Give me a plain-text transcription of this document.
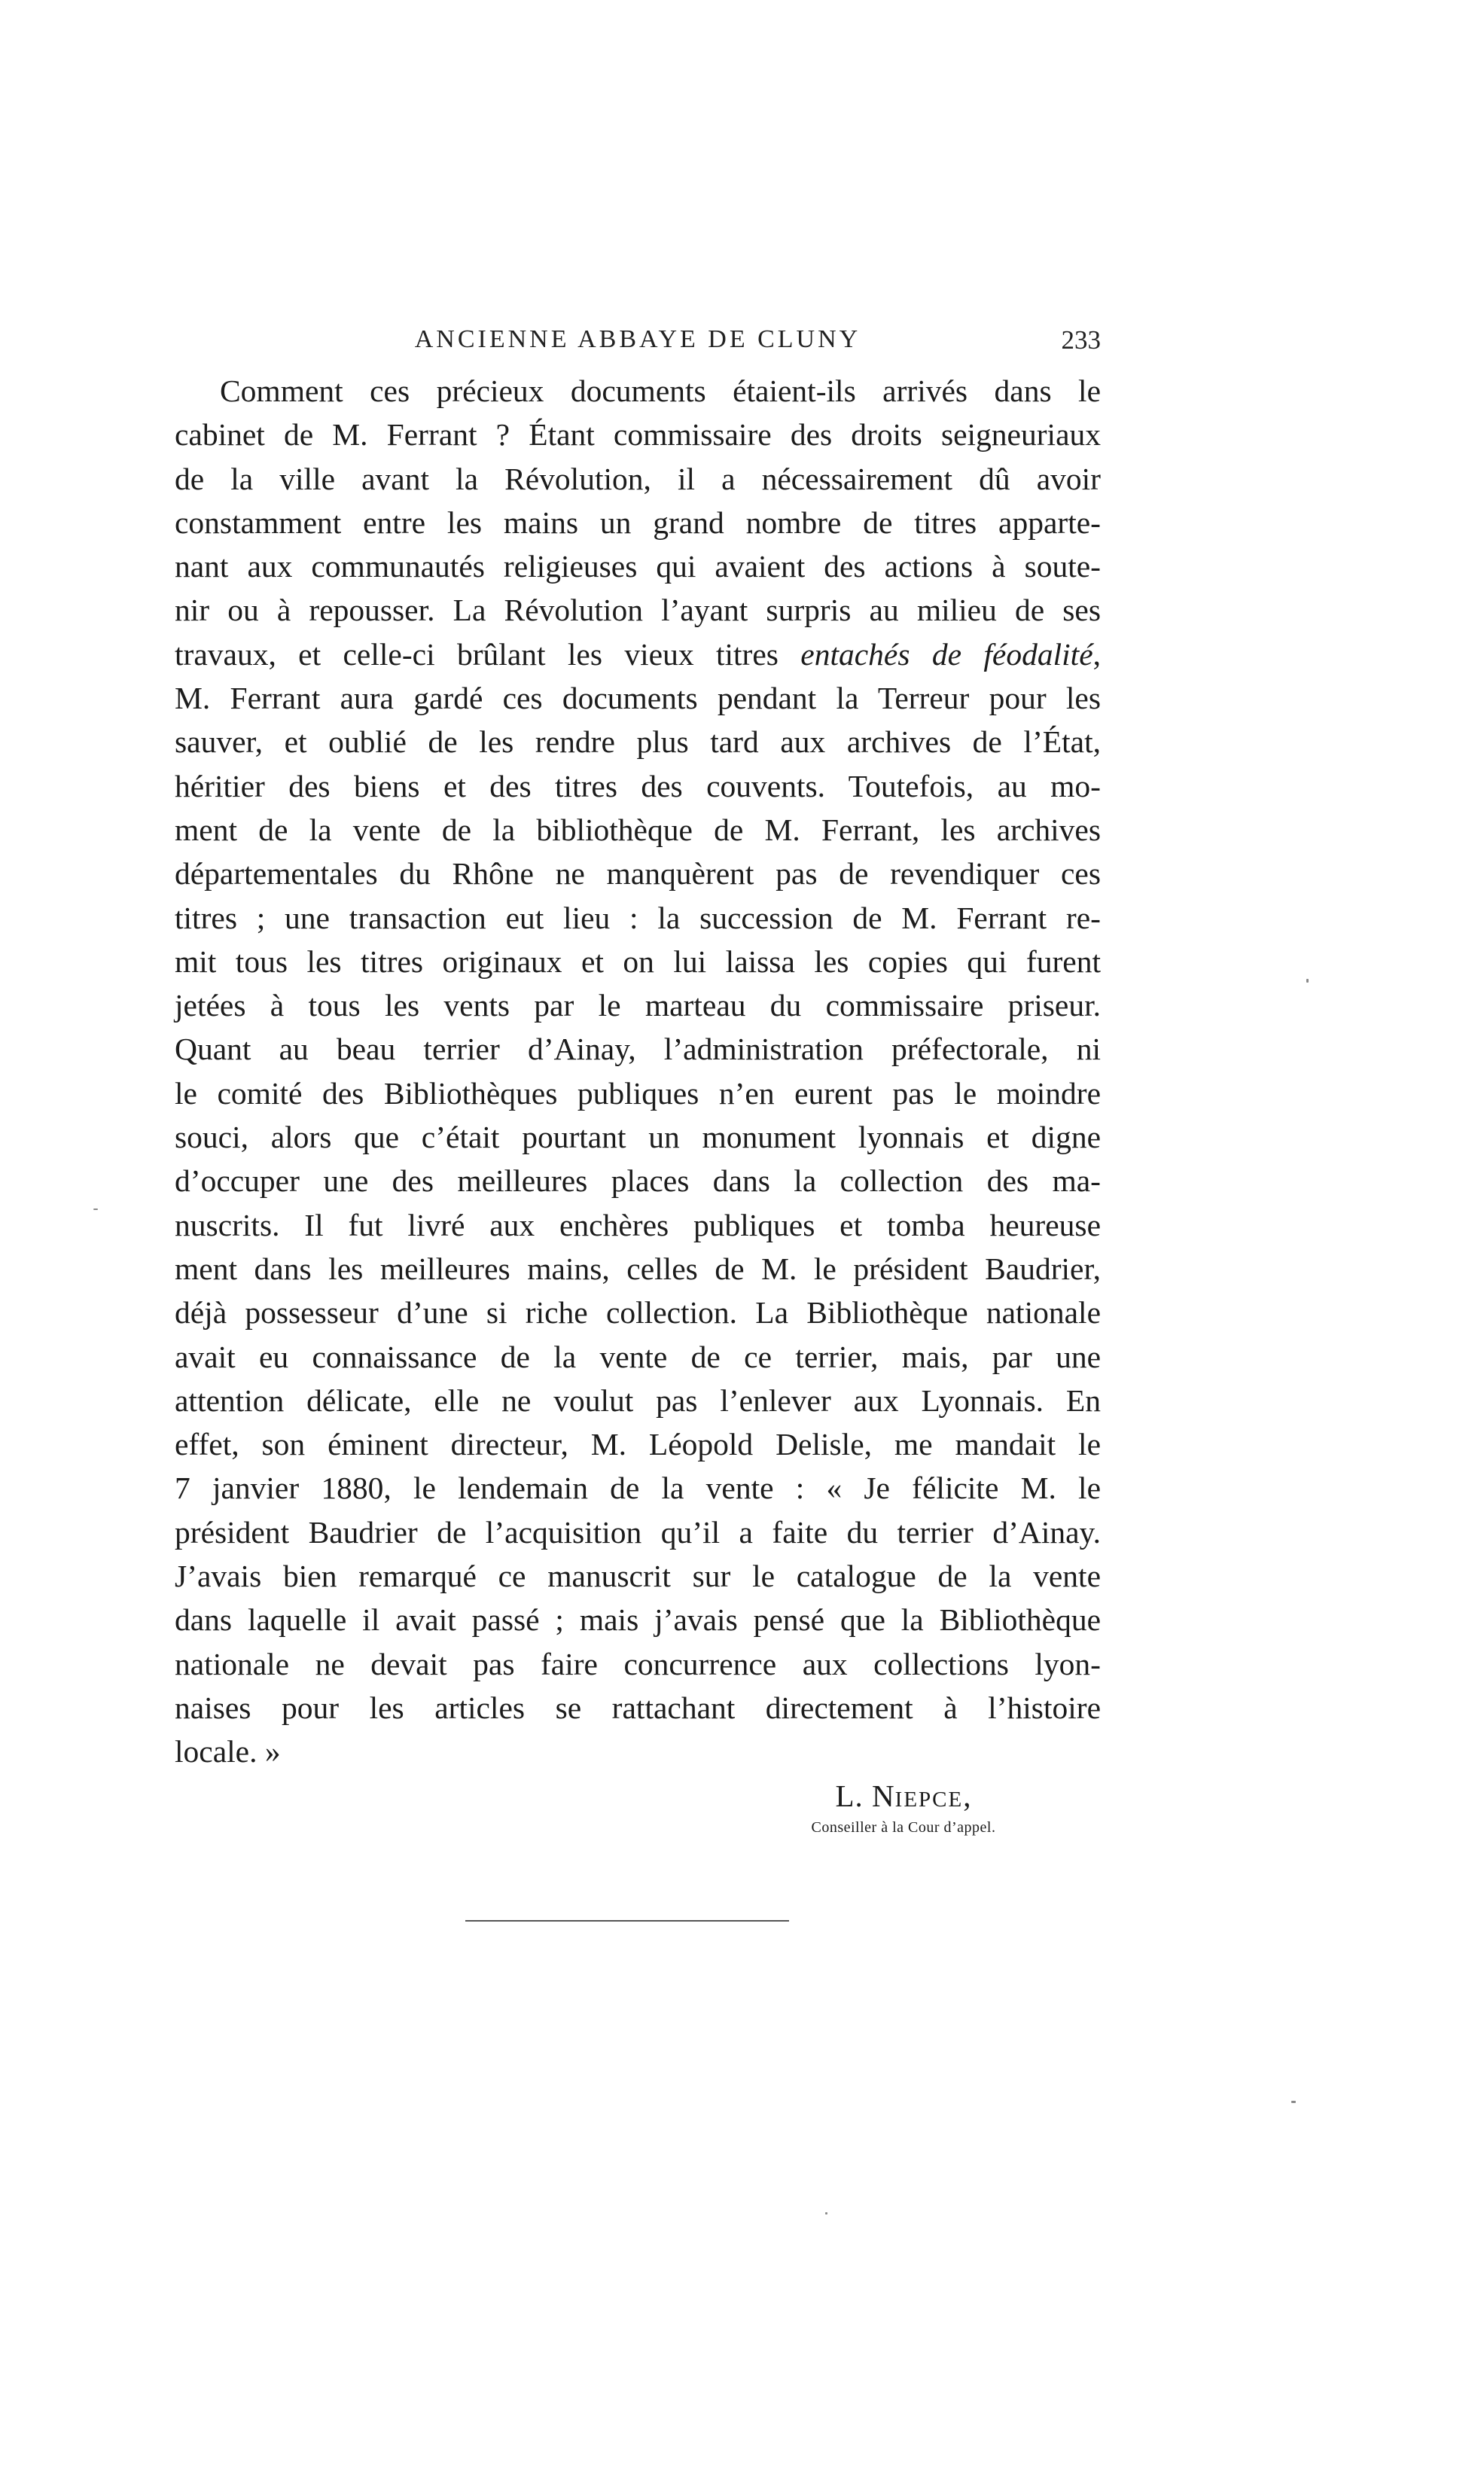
ANCIENNE ABBAYE DE CLUNY	233
Comment ces précieux documents étaient-ils arrivés dans le
cabinet de M. Ferrant ? Étant commissaire des droits seigneuriaux
de la ville avant la Révolution, il a nécessairement dû avoir
constamment entre les mains un grand nombre de titres apparte-
nant aux communautés religieuses qui avaient des actions à soute-
nir ou à repousser. La Révolution l’ayant surpris au milieu de ses
travaux, et celle-ci brûlant les vieux titres entachés de féodalité,
M. Ferrant aura gardé ces documents pendant la Terreur pour les
sauver, et oublié de les rendre plus tard aux archives de l’État,
héritier des biens et des titres des couvents. Toutefois, au mo-
ment de la vente de la bibliothèque de M. Ferrant, les archives
départementales du Rhône ne manquèrent pas de revendiquer ces
titres ; une transaction eut lieu : la succession de M. Ferrant re-
mit tous les titres originaux et on lui laissa les copies qui furent
jetées à tous les vents par le marteau du commissaire priseur.
Quant au beau terrier d’Ainay, l’administration préfectorale, ni
le comité des Bibliothèques publiques n’en eurent pas le moindre
souci, alors que c’était pourtant un monument lyonnais et digne
d’occuper une des meilleures places dans la collection des ma-
nuscrits. Il fut livré aux enchères publiques et tomba heureuse
ment dans les meilleures mains, celles de M. le président Baudrier,
déjà possesseur d’une si riche collection. La Bibliothèque nationale
avait eu connaissance de la vente de ce terrier, mais, par une
attention délicate, elle ne voulut pas l’enlever aux Lyonnais. En
effet, son éminent directeur, M. Léopold Delisle, me mandait le
7 janvier 1880, le lendemain de la vente : « Je félicite M. le
président Baudrier de l’acquisition qu’il a faite du terrier d’Ainay.
J’avais bien remarqué ce manuscrit sur le catalogue de la vente
dans laquelle il avait passé ; mais j’avais pensé que la Bibliothèque
nationale ne devait pas faire concurrence aux collections lyon-
naises pour les articles se rattachant directement à l’histoire
locale. »
L. Niepce,
Conseiller à la Cour d’appel.
